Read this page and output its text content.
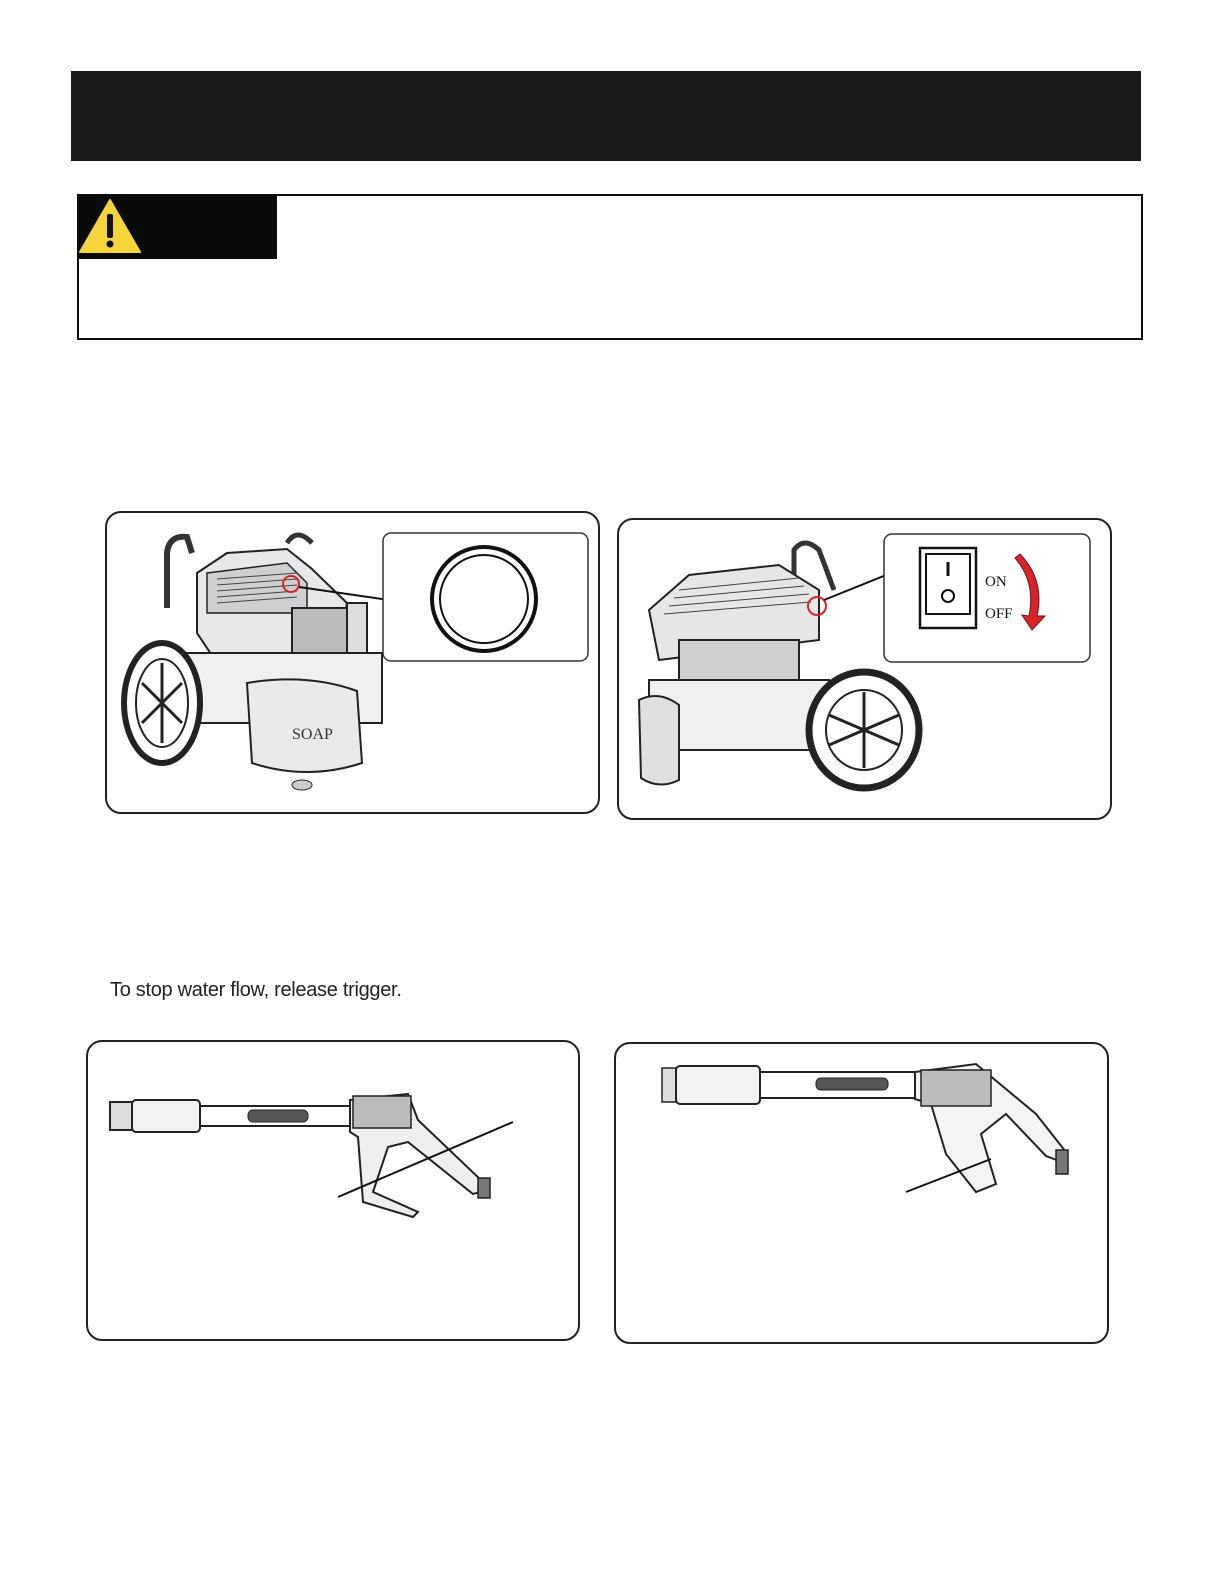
SOAP
ON
OFF
To stop water flow, release trigger.
